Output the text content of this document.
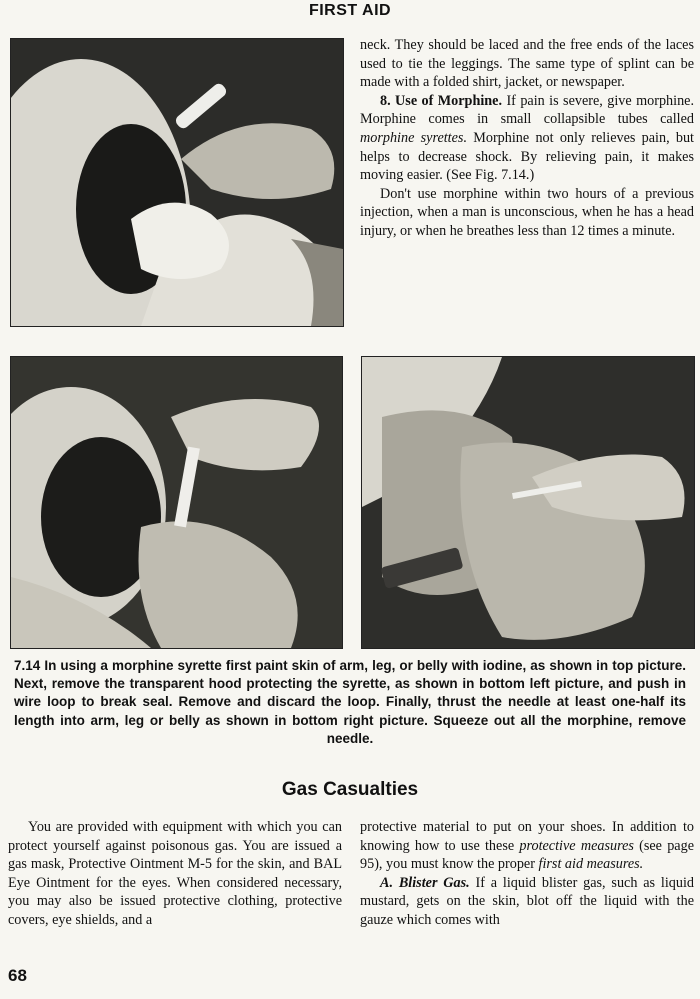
FIRST AID

neck. They should be laced and the free ends of the laces used to tie the leggings. The same type of splint can be made with a folded shirt, jacket, or newspaper.

8. Use of Morphine. If pain is severe, give morphine. Morphine comes in small collapsible tubes called morphine syrettes. Morphine not only relieves pain, but helps to decrease shock. By relieving pain, it makes moving easier. (See Fig. 7.14.)

Don't use morphine within two hours of a previous injection, when a man is unconscious, when he has a head injury, or when he breathes less than 12 times a minute.

7.14 In using a morphine syrette first paint skin of arm, leg, or belly with iodine, as shown in top picture. Next, remove the transparent hood protecting the syrette, as shown in bottom left picture, and push in wire loop to break seal. Remove and discard the loop. Finally, thrust the needle at least one-half its length into arm, leg or belly as shown in bottom right picture. Squeeze out all the morphine, remove needle.
Gas Casualties

You are provided with equipment with which you can protect yourself against poisonous gas. You are issued a gas mask, Protective Ointment M-5 for the skin, and BAL Eye Ointment for the eyes. When considered necessary, you may also be issued protective clothing, protective covers, eye shields, and a

protective material to put on your shoes. In addition to knowing how to use these protective measures (see page 95), you must know the proper first aid measures.

A. Blister Gas. If a liquid blister gas, such as liquid mustard, gets on the skin, blot off the liquid with the gauze which comes with

68
